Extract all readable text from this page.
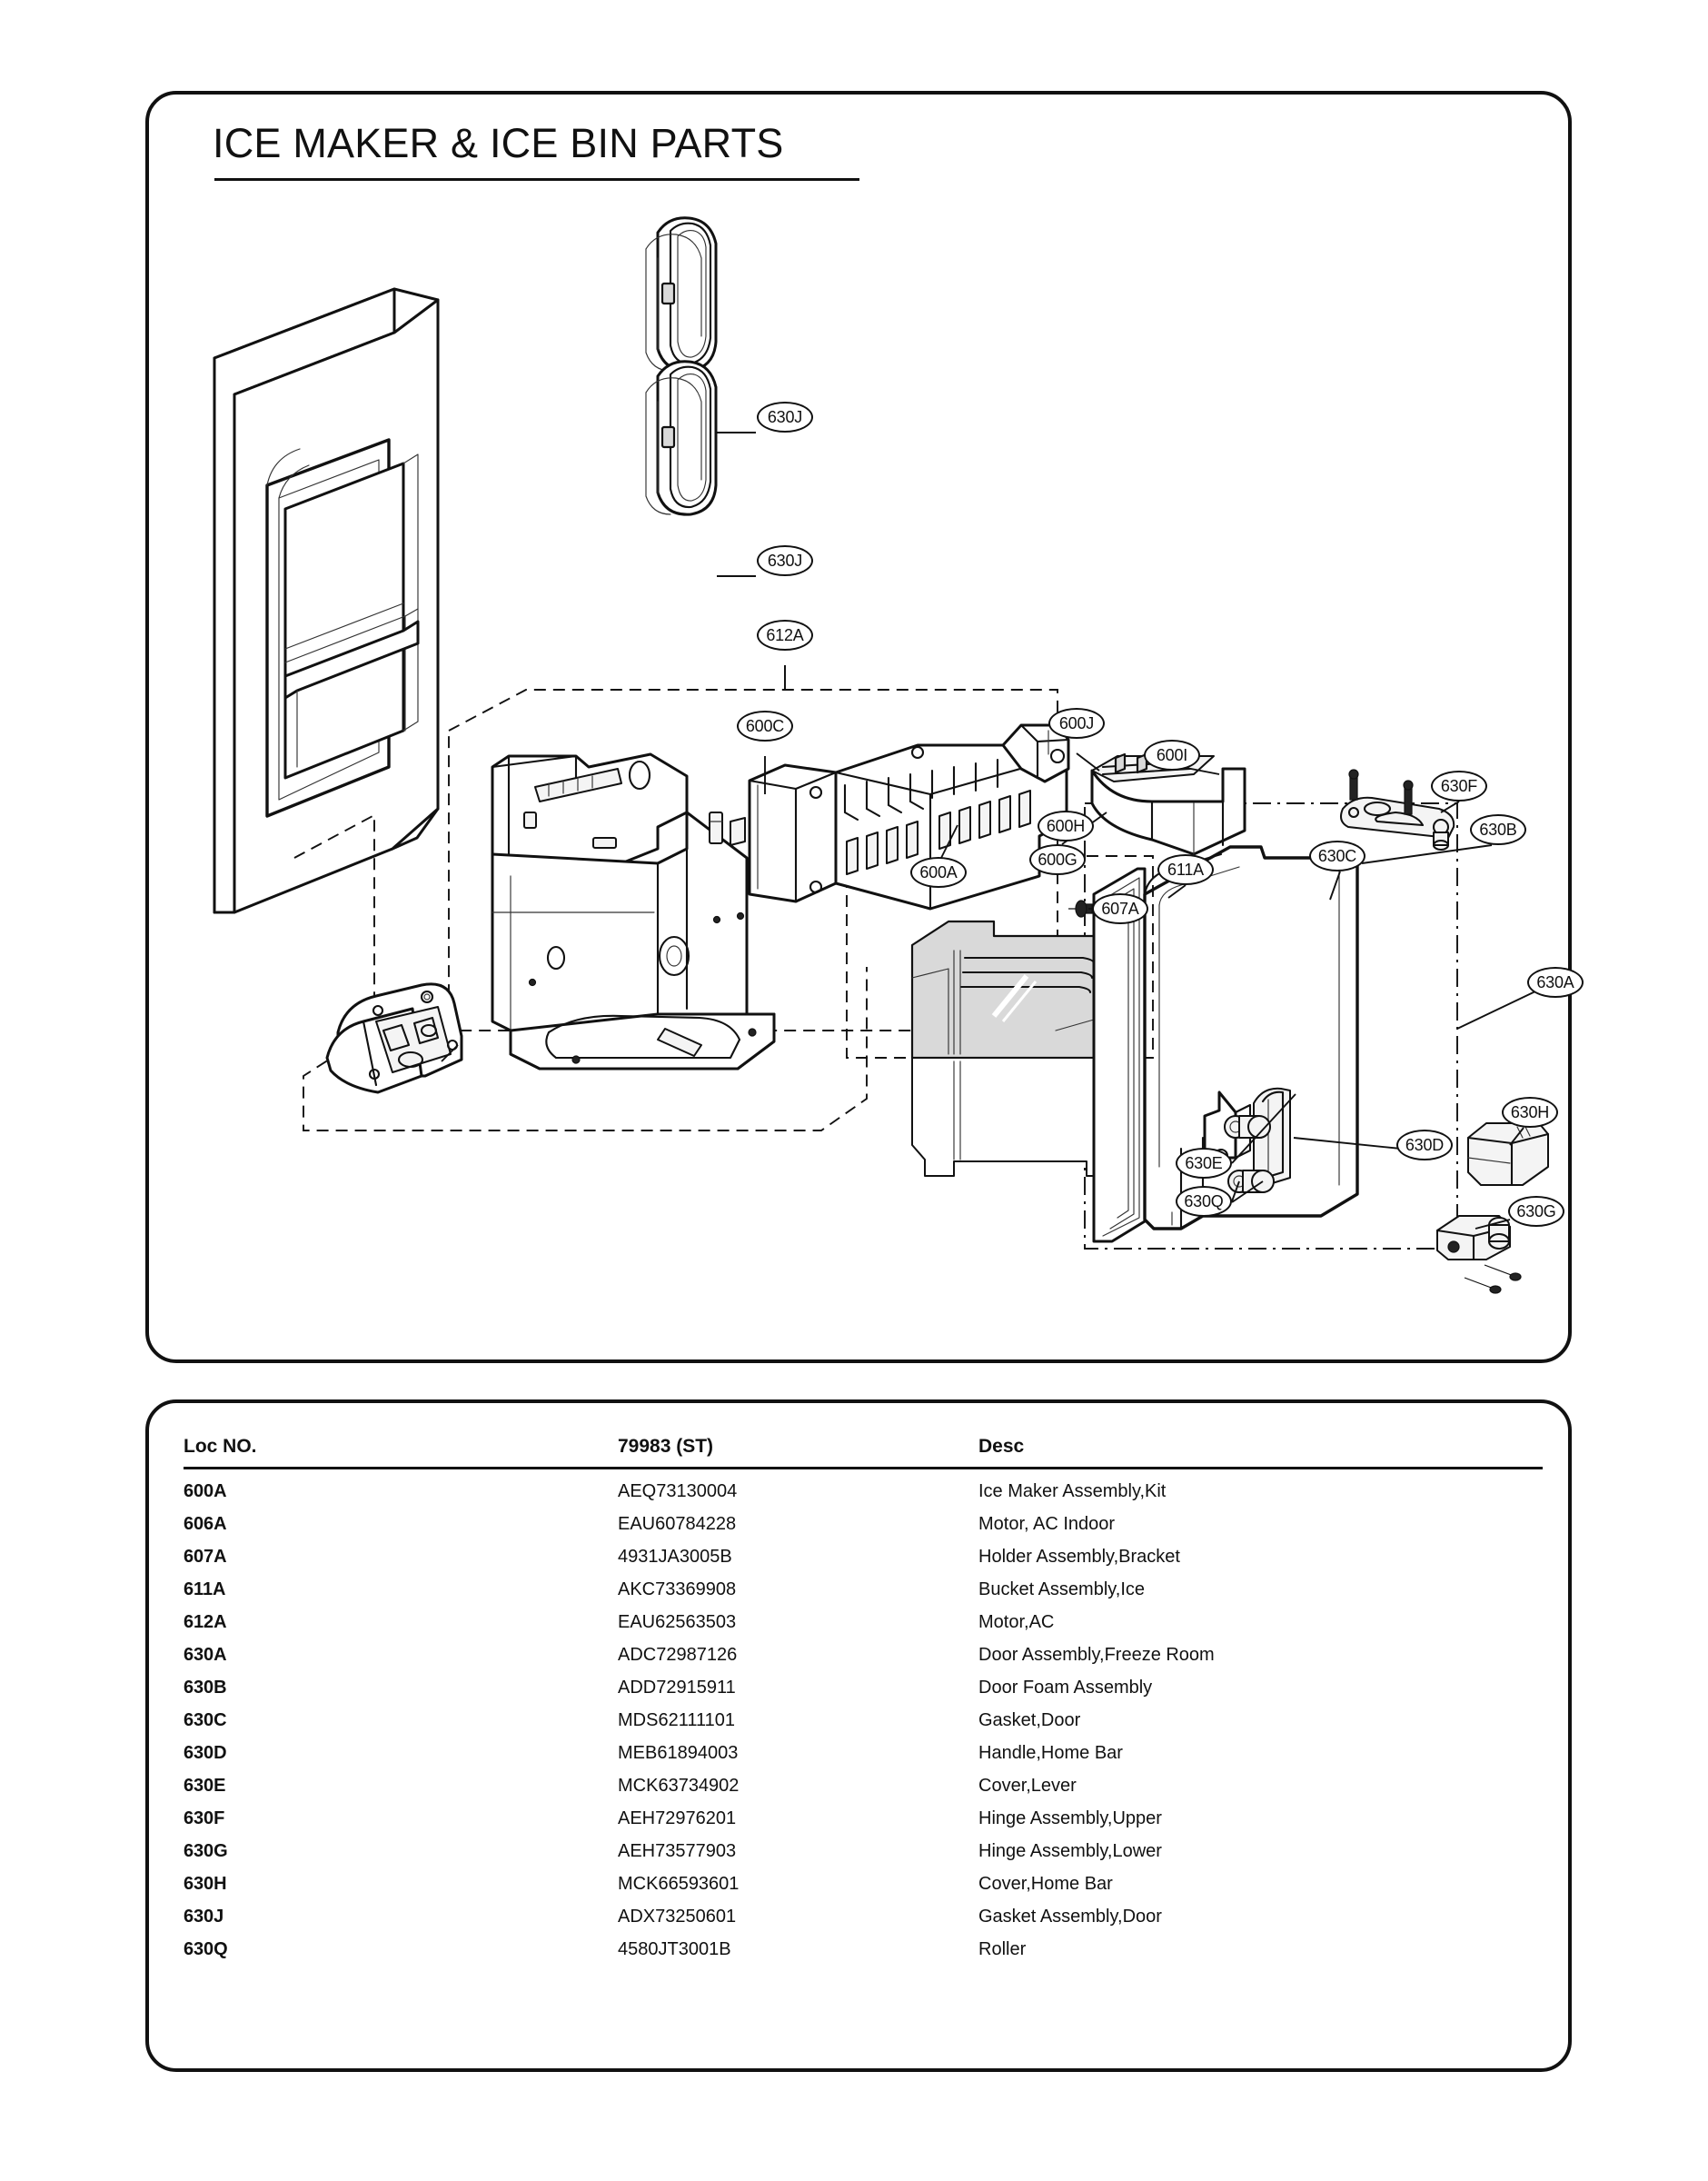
ICE MAKER & ICE BIN PARTS
630J
630J
612A
600C	600J
600I
600H
600G
600A
607A
611A
630F
630B
630C
630A
630H
630D
630E
630Q
630G
Loc NO.	79983 (ST)	Desc
600A	AEQ73130004	Ice Maker Assembly,Kit
606A	EAU60784228	Motor, AC Indoor
607A	4931JA3005B	Holder Assembly,Bracket
611A	AKC73369908	Bucket Assembly,Ice
612A	EAU62563503	Motor,AC
630A	ADC72987126	Door Assembly,Freeze Room
630B	ADD72915911	Door Foam Assembly
630C	MDS62111101	Gasket,Door
630D	MEB61894003	Handle,Home Bar
630E	MCK63734902	Cover,Lever
630F	AEH72976201	Hinge Assembly,Upper
630G	AEH73577903	Hinge Assembly,Lower
630H	MCK66593601	Cover,Home Bar
630J	ADX73250601	Gasket Assembly,Door
630Q	4580JT3001B	Roller
